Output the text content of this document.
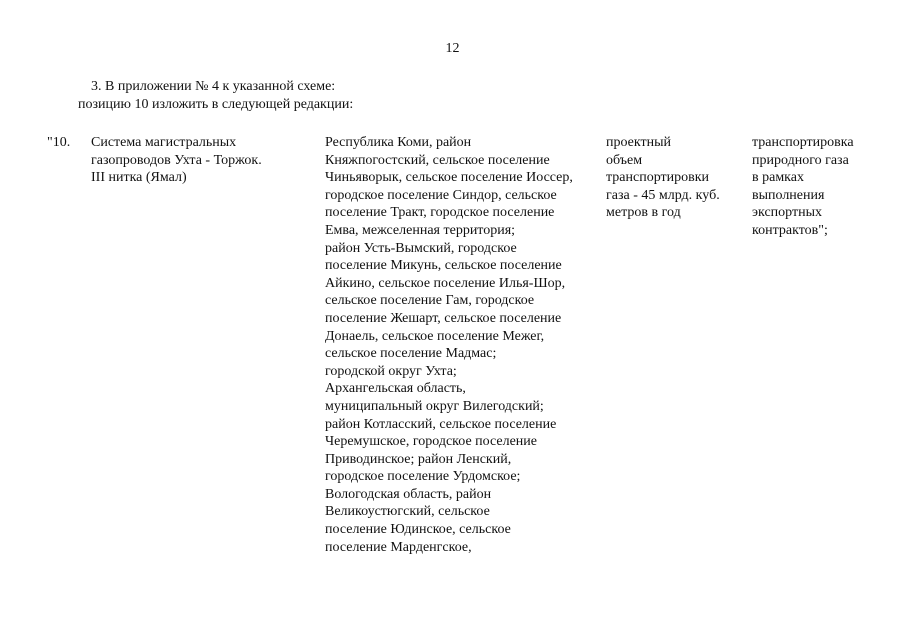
12
3. В приложении № 4 к указанной схеме:
позицию 10 изложить в следующей редакции:
"10. Система магистральных
газопроводов Ухта - Торжок.
III нитка (Ямал)
Республика Коми, район
Княжпогостский, сельское поселение
Чиньяворык, сельское поселение Иоссер,
городское поселение Синдор, сельское
поселение Тракт, городское поселение
Емва, межселенная территория;
район Усть-Вымский, городское
поселение Микунь, сельское поселение
Айкино, сельское поселение Илья-Шор,
сельское поселение Гам, городское
поселение Жешарт, сельское поселение
Донаель, сельское поселение Межег,
сельское поселение Мадмас;
городской округ Ухта;
Архангельская область,
муниципальный округ Вилегодский;
район Котласский, сельское поселение
Черемушское, городское поселение
Приводинское; район Ленский,
городское поселение Урдомское;
Вологодская область, район
Великоустюгский, сельское
поселение Юдинское, сельское
поселение Марденгское,
проектный
объем
транспортировки
газа - 45 млрд. куб.
метров в год
транспортировка
природного газа
в рамках
выполнения
экспортных
контрактов";
